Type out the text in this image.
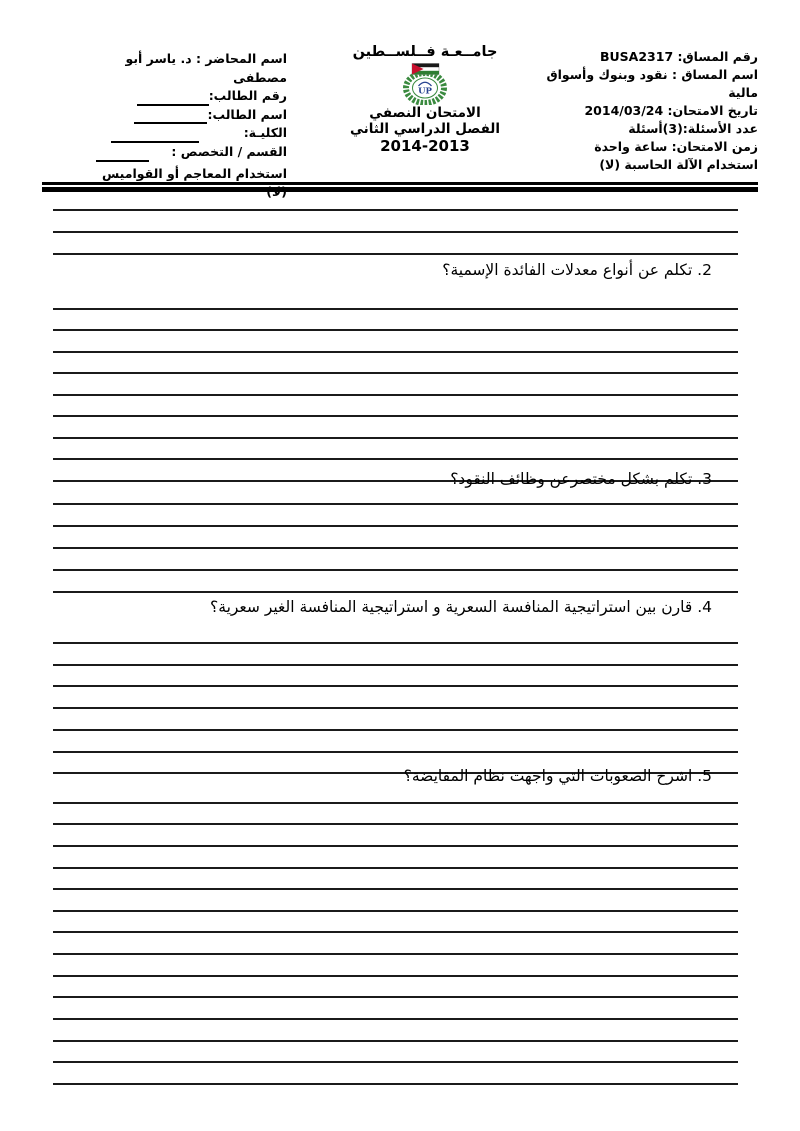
اسم المحاضر : د. ياسر أبو مصطفى
رقم الطالب:
اسم الطالب:
الكليـة:
القسم / التخصص :
استخدام المعاجم أو القواميس (لا)
جامــعـة فــلســطين
UP
الامتحان النصفي
الفصل الدراسي الثاني
2014-2013
رقم المساق: BUSA2317
اسم المساق : نقود وبنوك وأسواق مالية
تاريخ الامتحان: 2014/03/24
عدد الأسئلة:(3)أسئلة
زمن الامتحان: ساعة واحدة
استخدام الآلة الحاسبة (لا)
2. تكلم عن أنواع معدلات الفائدة الإسمية؟
3. تكلم بشكل مختصرعن وظائف النقود؟
4. قارن بين استراتيجية المنافسة السعرية و استراتيجية المنافسة الغير سعرية؟
5. اشرح الصعوبات التي واجهت نظام المقايضة؟
